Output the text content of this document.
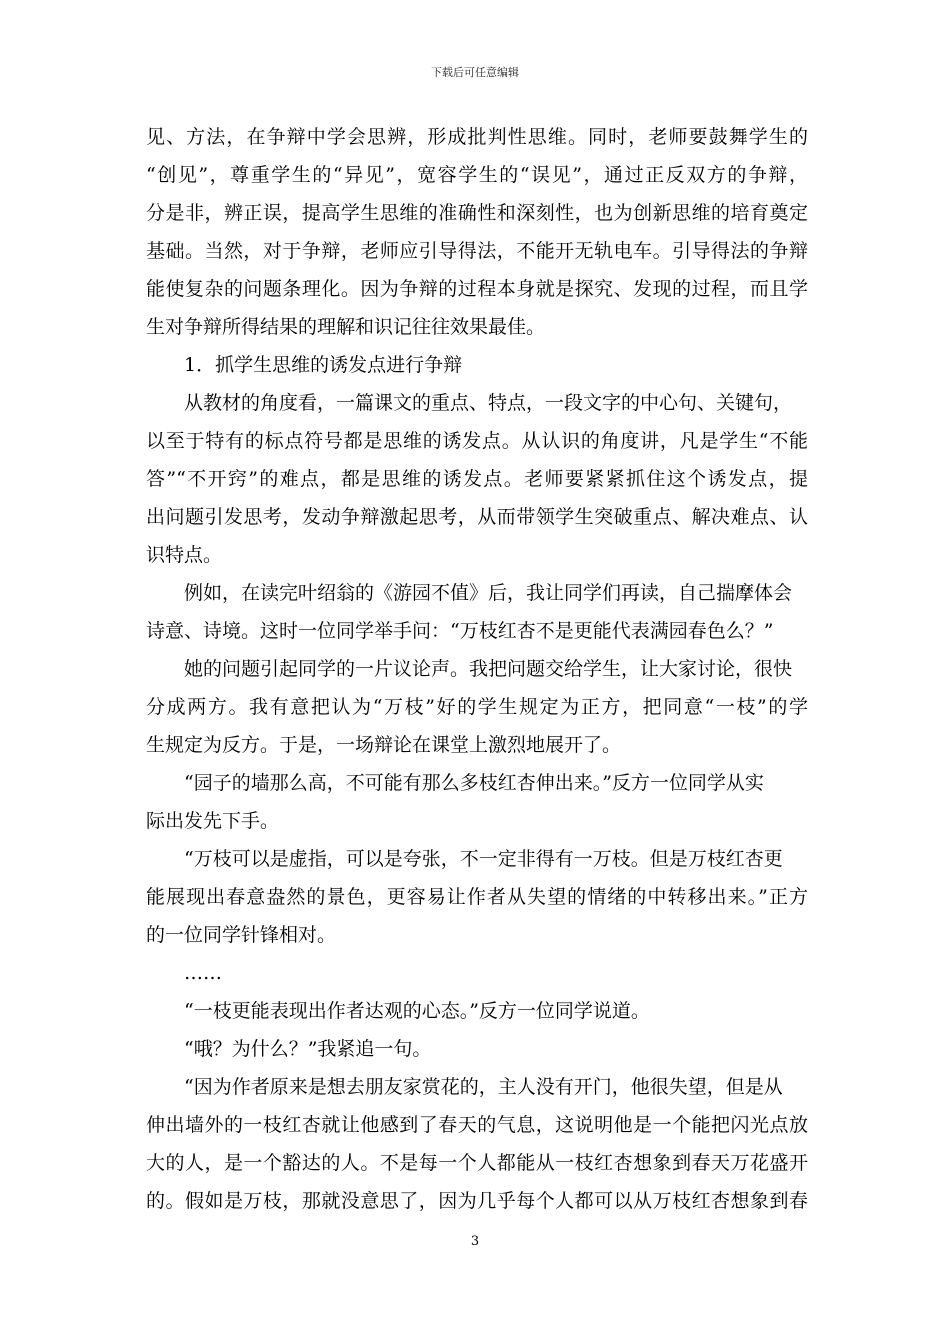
下载后可任意编辑
见、方法，在争辩中学会思辨，形成批判性思维。同时，老师要鼓舞学生的
“创见”，尊重学生的“异见”，宽容学生的“误见”，通过正反双方的争辩，
分是非，辨正误，提高学生思维的准确性和深刻性，也为创新思维的培育奠定
基础。当然，对于争辩，老师应引导得法，不能开无轨电车。引导得法的争辩
能使复杂的问题条理化。因为争辩的过程本身就是探究、发现的过程，而且学
生对争辩所得结果的理解和识记往往效果最佳。
1．抓学生思维的诱发点进行争辩
从教材的角度看，一篇课文的重点、特点，一段文字的中心句、关键句，
以至于特有的标点符号都是思维的诱发点。从认识的角度讲，凡是学生“不能
答”“不开窍”的难点，都是思维的诱发点。老师要紧紧抓住这个诱发点，提
出问题引发思考，发动争辩激起思考，从而带领学生突破重点、解决难点、认
识特点。
例如，在读完叶绍翁的《游园不值》后，我让同学们再读，自己揣摩体会
诗意、诗境。这时一位同学举手问：“万枝红杏不是更能代表满园春色么？”
她的问题引起同学的一片议论声。我把问题交给学生，让大家讨论，很快
分成两方。我有意把认为“万枝”好的学生规定为正方，把同意“一枝”的学
生规定为反方。于是，一场辩论在课堂上激烈地展开了。
“园子的墙那么高，不可能有那么多枝红杏伸出来。”反方一位同学从实
际出发先下手。
“万枝可以是虚指，可以是夸张，不一定非得有一万枝。但是万枝红杏更
能展现出春意盎然的景色，更容易让作者从失望的情绪的中转移出来。”正方
的一位同学针锋相对。
……
“一枝更能表现出作者达观的心态。”反方一位同学说道。
“哦？为什么？”我紧追一句。
“因为作者原来是想去朋友家赏花的，主人没有开门，他很失望，但是从
伸出墙外的一枝红杏就让他感到了春天的气息，这说明他是一个能把闪光点放
大的人，是一个豁达的人。不是每一个人都能从一枝红杏想象到春天万花盛开
的。假如是万枝，那就没意思了，因为几乎每个人都可以从万枝红杏想象到春
3
